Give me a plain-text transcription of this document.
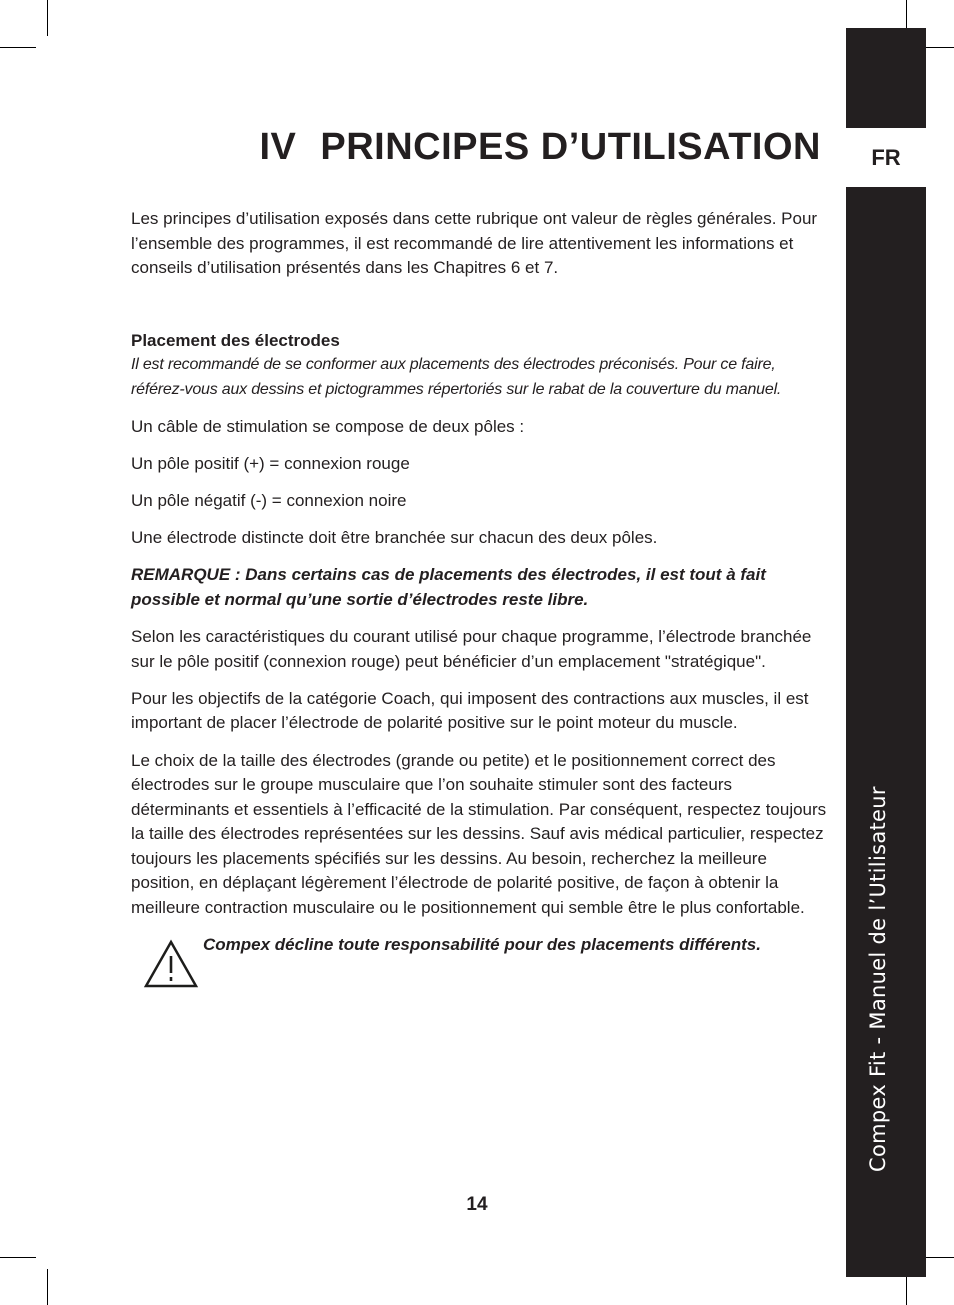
FR
Compex Fit - Manuel de l’Utilisateur
IV PRINCIPES D’UTILISATION

Les principes d’utilisation exposés dans cette rubrique ont valeur de règles générales. Pour l’ensemble des programmes, il est recommandé de lire attentivement les informations et conseils d’utilisation présentés dans les Chapitres 6 et 7.

Placement des électrodes

Il est recommandé de se conformer aux placements des électrodes préconisés. Pour ce faire, référez-vous aux dessins et pictogrammes répertoriés sur le rabat de la couverture du manuel.

Un câble de stimulation se compose de deux pôles :

Un pôle positif (+) = connexion rouge

Un pôle négatif (-) = connexion noire

Une électrode distincte doit être branchée sur chacun des deux pôles.

REMARQUE : Dans certains cas de placements des électrodes, il est tout à fait possible et normal qu’une sortie d’électrodes reste libre.

Selon les caractéristiques du courant utilisé pour chaque programme, l’électrode branchée sur le pôle positif (connexion rouge) peut bénéficier d’un emplacement "stratégique".

Pour les objectifs de la catégorie Coach, qui imposent des contractions aux muscles, il est important de placer l’électrode de polarité positive sur le point moteur du muscle.

Le choix de la taille des électrodes (grande ou petite) et le positionnement correct des électrodes sur le groupe musculaire que l’on souhaite stimuler sont des facteurs déterminants et essentiels à l’efficacité de la stimulation. Par conséquent, respectez toujours la taille des électrodes représentées sur les dessins. Sauf avis médical particulier, respectez toujours les placements spécifiés sur les dessins. Au besoin, recherchez la meilleure position, en déplaçant légèrement l’électrode de polarité positive, de façon à obtenir la meilleure contraction musculaire ou le positionnement qui semble être le plus confortable.

Compex décline toute responsabilité pour des placements différents.
14
